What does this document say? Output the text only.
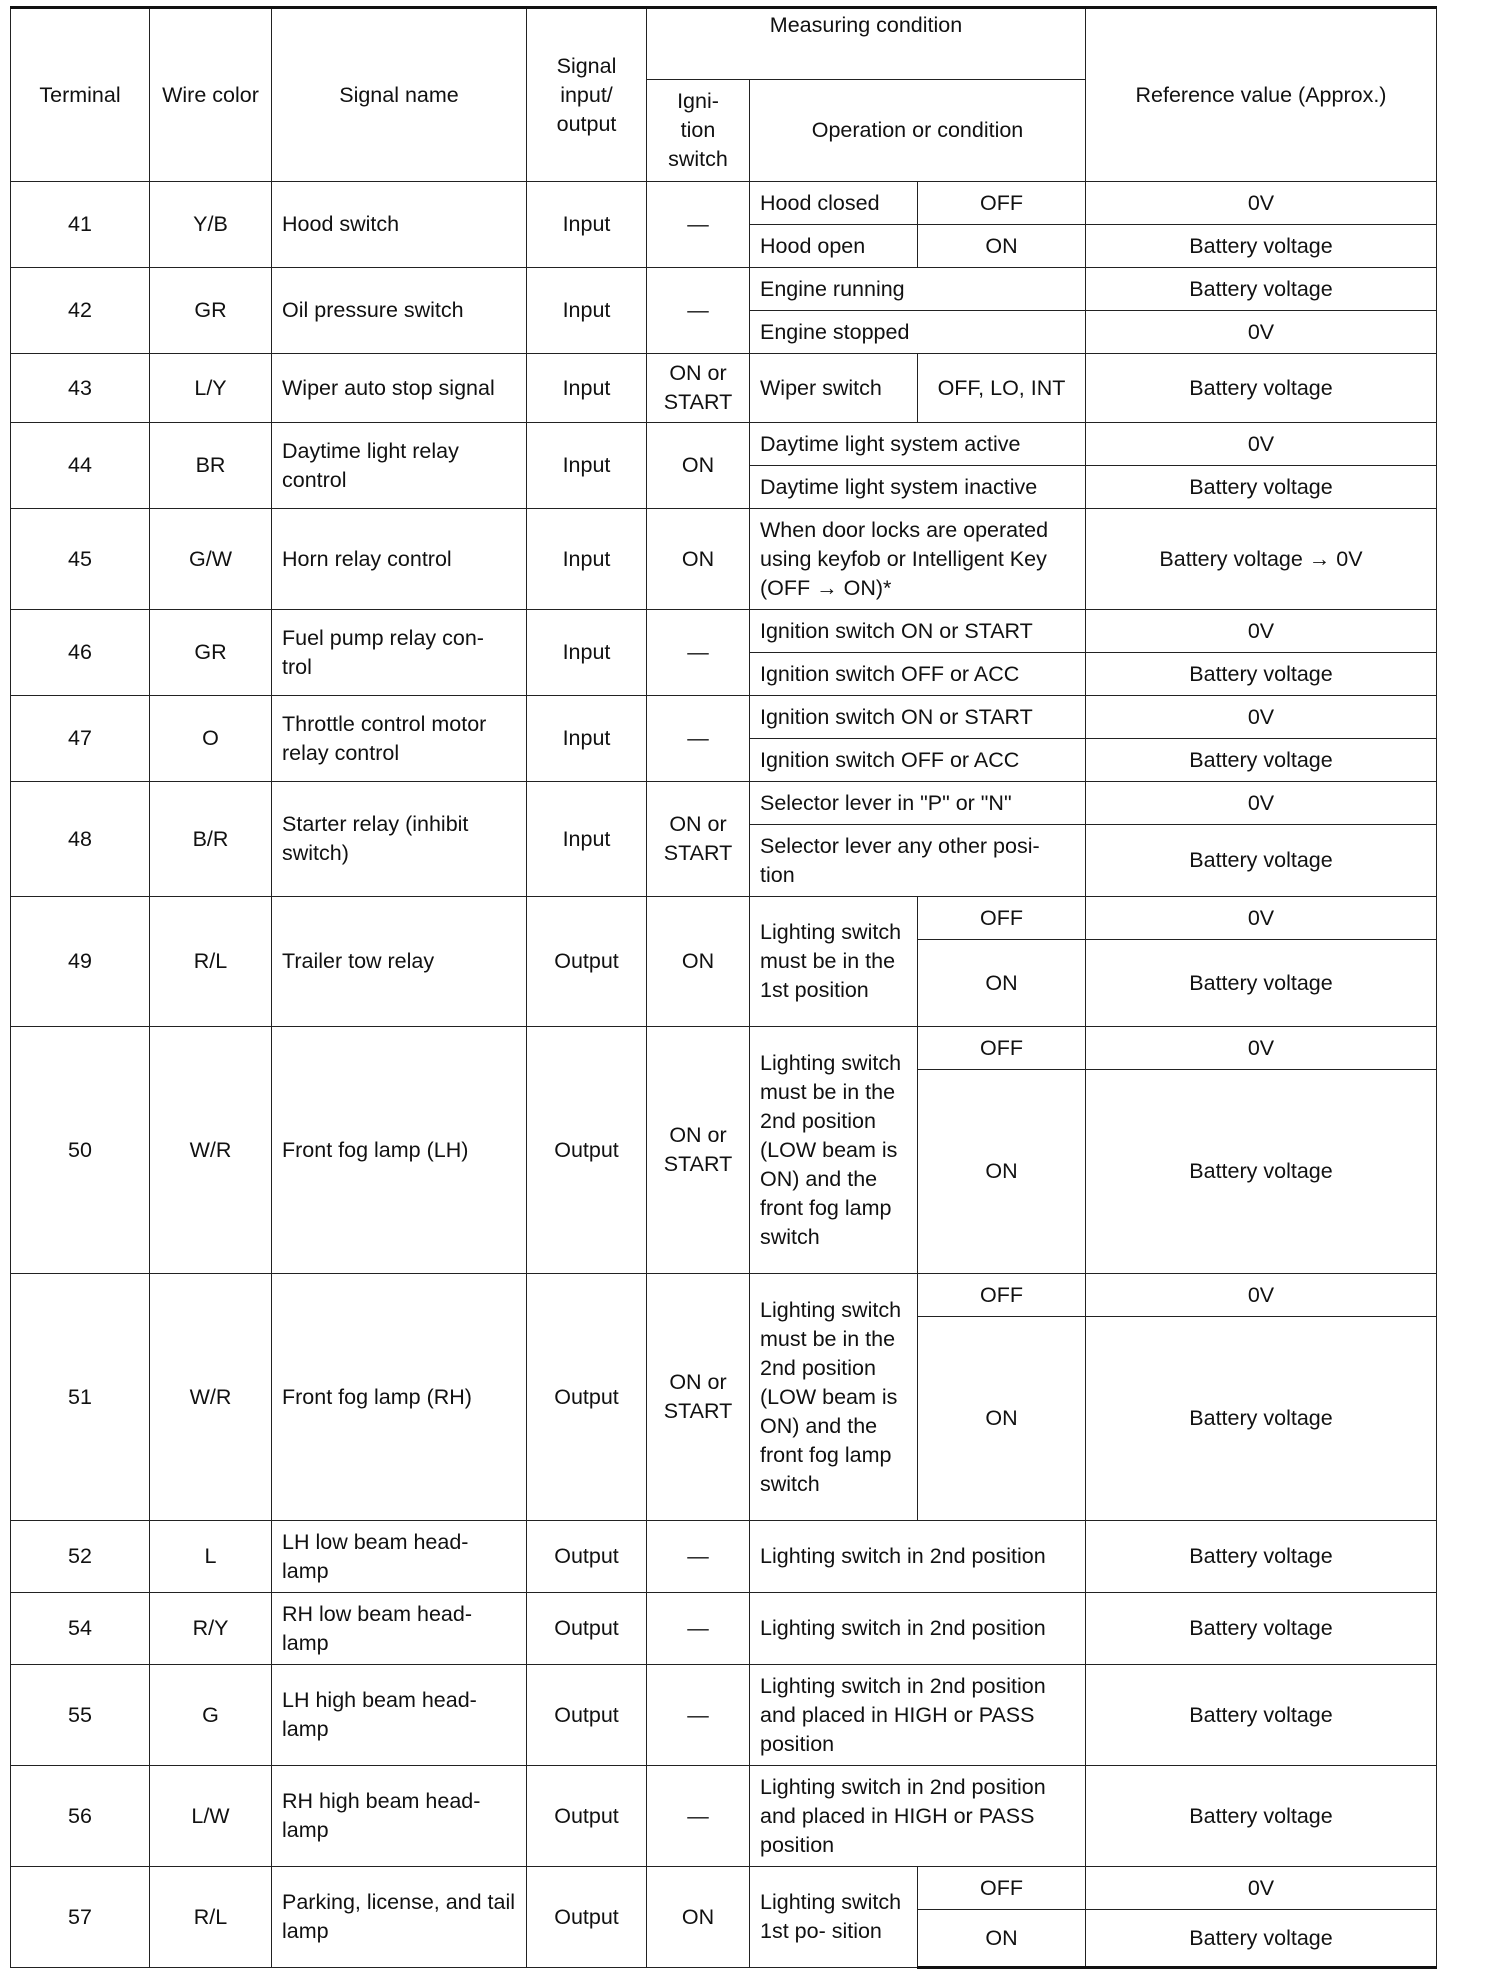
Terminal	Wire color	Signal name	Signal input/ output	Measuring condition			Reference value (Approx.)
				Igni- tion switch	Operation or condition		
41	Y/B	Hood switch	Input	—	Hood closed	OFF	0V
					Hood open	ON	Battery voltage
42	GR	Oil pressure switch	Input	—	Engine running		Battery voltage
					Engine stopped		0V
43	L/Y	Wiper auto stop signal	Input	ON or START	Wiper switch	OFF, LO, INT	Battery voltage
44	BR	Daytime light relay control	Input	ON	Daytime light system active		0V
					Daytime light system inactive		Battery voltage
45	G/W	Horn relay control	Input	ON	When door locks are operated using keyfob or Intelligent Key (OFF → ON)*		Battery voltage → 0V
46	GR	Fuel pump relay con- trol	Input	—	Ignition switch ON or START		0V
					Ignition switch OFF or ACC		Battery voltage
47	O	Throttle control motor relay control	Input	—	Ignition switch ON or START		0V
					Ignition switch OFF or ACC		Battery voltage
48	B/R	Starter relay (inhibit switch)	Input	ON or START	Selector lever in "P" or "N"		0V
					Selector lever any other posi- tion		Battery voltage
49	R/L	Trailer tow relay	Output	ON	Lighting switch must be in the 1st position	OFF	0V
						ON	Battery voltage
50	W/R	Front fog lamp (LH)	Output	ON or START	Lighting switch must be in the 2nd position (LOW beam is ON) and the front fog lamp switch	OFF	0V
						ON	Battery voltage
51	W/R	Front fog lamp (RH)	Output	ON or START	Lighting switch must be in the 2nd position (LOW beam is ON) and the front fog lamp switch	OFF	0V
						ON	Battery voltage
52	L	LH low beam head- lamp	Output	—	Lighting switch in 2nd position		Battery voltage
54	R/Y	RH low beam head- lamp	Output	—	Lighting switch in 2nd position		Battery voltage
55	G	LH high beam head- lamp	Output	—	Lighting switch in 2nd position and placed in HIGH or PASS position		Battery voltage
56	L/W	RH high beam head- lamp	Output	—	Lighting switch in 2nd position and placed in HIGH or PASS position		Battery voltage
57	R/L	Parking, license, and tail lamp	Output	ON	Lighting switch 1st po- sition	OFF	0V
						ON	Battery voltage
